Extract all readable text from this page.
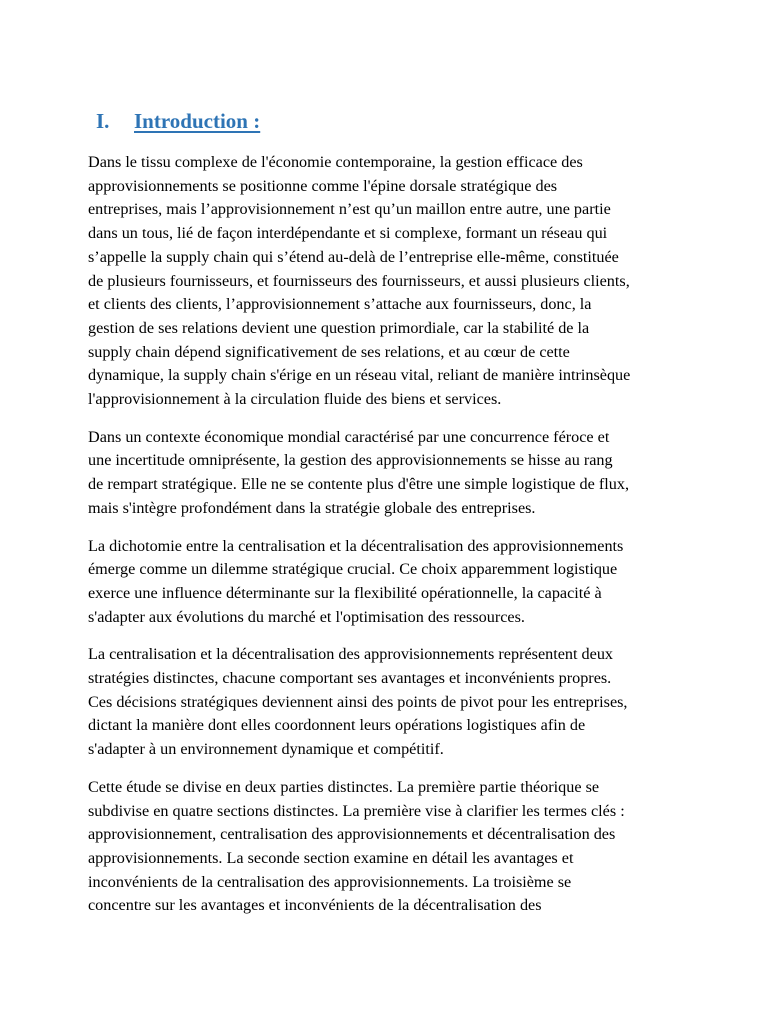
I. Introduction :

Dans le tissu complexe de l'économie contemporaine, la gestion efficace des
approvisionnements se positionne comme l'épine dorsale stratégique des
entreprises, mais l’approvisionnement n’est qu’un maillon entre autre, une partie
dans un tous, lié de façon interdépendante et si complexe, formant un réseau qui
s’appelle la supply chain qui s’étend au-delà de l’entreprise elle-même, constituée
de plusieurs fournisseurs, et fournisseurs des fournisseurs, et aussi plusieurs clients,
et clients des clients, l’approvisionnement s’attache aux fournisseurs, donc, la
gestion de ses relations devient une question primordiale, car la stabilité de la
supply chain dépend significativement de ses relations, et au cœur de cette
dynamique, la supply chain s'érige en un réseau vital, reliant de manière intrinsèque
l'approvisionnement à la circulation fluide des biens et services.

Dans un contexte économique mondial caractérisé par une concurrence féroce et
une incertitude omniprésente, la gestion des approvisionnements se hisse au rang
de rempart stratégique. Elle ne se contente plus d'être une simple logistique de flux,
mais s'intègre profondément dans la stratégie globale des entreprises.

La dichotomie entre la centralisation et la décentralisation des approvisionnements
émerge comme un dilemme stratégique crucial. Ce choix apparemment logistique
exerce une influence déterminante sur la flexibilité opérationnelle, la capacité à
s'adapter aux évolutions du marché et l'optimisation des ressources.

La centralisation et la décentralisation des approvisionnements représentent deux
stratégies distinctes, chacune comportant ses avantages et inconvénients propres.
Ces décisions stratégiques deviennent ainsi des points de pivot pour les entreprises,
dictant la manière dont elles coordonnent leurs opérations logistiques afin de
s'adapter à un environnement dynamique et compétitif.

Cette étude se divise en deux parties distinctes. La première partie théorique se
subdivise en quatre sections distinctes. La première vise à clarifier les termes clés :
approvisionnement, centralisation des approvisionnements et décentralisation des
approvisionnements. La seconde section examine en détail les avantages et
inconvénients de la centralisation des approvisionnements. La troisième se
concentre sur les avantages et inconvénients de la décentralisation des
